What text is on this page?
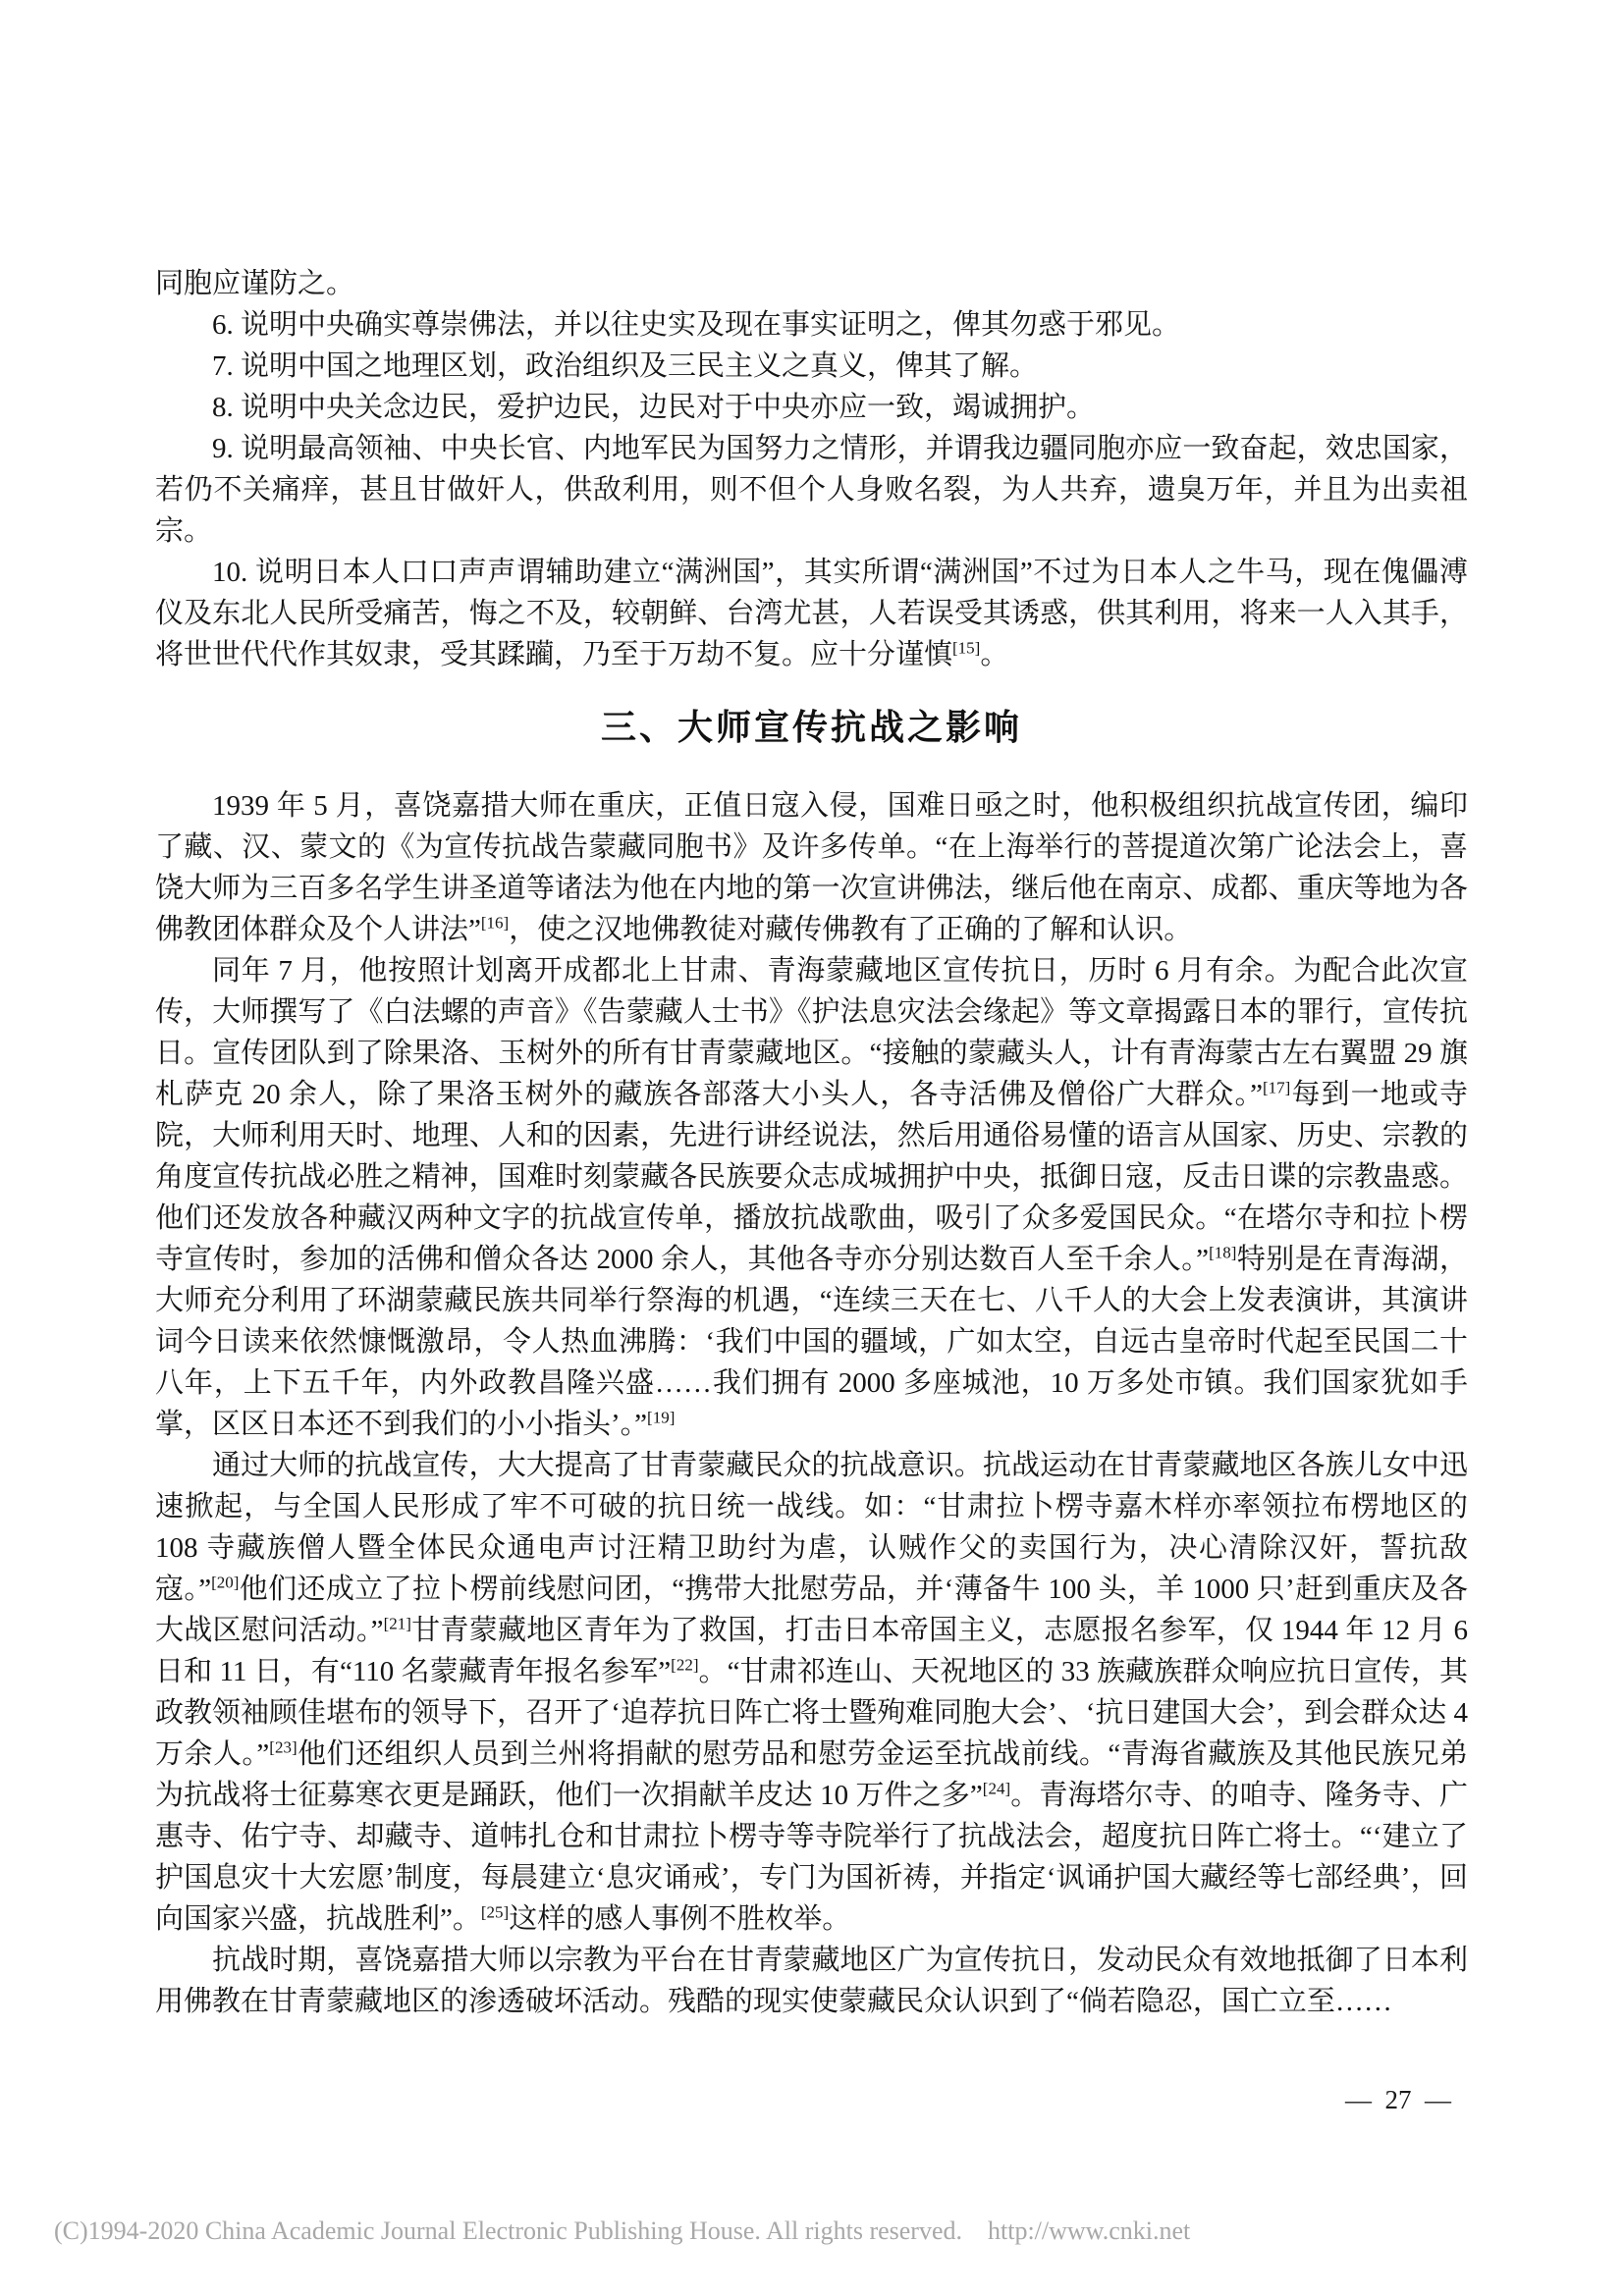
同胞应谨防之。

6. 说明中央确实尊崇佛法，并以往史实及现在事实证明之，俾其勿惑于邪见。

7. 说明中国之地理区划，政治组织及三民主义之真义，俾其了解。

8. 说明中央关念边民，爱护边民，边民对于中央亦应一致，竭诚拥护。

9. 说明最高领袖、中央长官、内地军民为国努力之情形，并谓我边疆同胞亦应一致奋起，效忠国家，若仍不关痛痒，甚且甘做奸人，供敌利用，则不但个人身败名裂，为人共弃，遗臭万年，并且为出卖祖宗。

10. 说明日本人口口声声谓辅助建立“满洲国”，其实所谓“满洲国”不过为日本人之牛马，现在傀儡溥仪及东北人民所受痛苦，悔之不及，较朝鲜、台湾尤甚，人若误受其诱惑，供其利用，将来一人入其手，将世世代代作其奴隶，受其蹂躏，乃至于万劫不复。应十分谨慎[15]。

三、大师宣传抗战之影响

1939 年 5 月，喜饶嘉措大师在重庆，正值日寇入侵，国难日亟之时，他积极组织抗战宣传团，编印了藏、汉、蒙文的《为宣传抗战告蒙藏同胞书》及许多传单。“在上海举行的菩提道次第广论法会上，喜饶大师为三百多名学生讲圣道等诸法为他在内地的第一次宣讲佛法，继后他在南京、成都、重庆等地为各佛教团体群众及个人讲法”[16]，使之汉地佛教徒对藏传佛教有了正确的了解和认识。

同年 7 月，他按照计划离开成都北上甘肃、青海蒙藏地区宣传抗日，历时 6 月有余。为配合此次宣传，大师撰写了《白法螺的声音》《告蒙藏人士书》《护法息灾法会缘起》等文章揭露日本的罪行，宣传抗日。宣传团队到了除果洛、玉树外的所有甘青蒙藏地区。“接触的蒙藏头人，计有青海蒙古左右翼盟 29 旗札萨克 20 余人，除了果洛玉树外的藏族各部落大小头人，各寺活佛及僧俗广大群众。”[17]每到一地或寺院，大师利用天时、地理、人和的因素，先进行讲经说法，然后用通俗易懂的语言从国家、历史、宗教的角度宣传抗战必胜之精神，国难时刻蒙藏各民族要众志成城拥护中央，抵御日寇，反击日谍的宗教蛊惑。他们还发放各种藏汉两种文字的抗战宣传单，播放抗战歌曲，吸引了众多爱国民众。“在塔尔寺和拉卜楞寺宣传时，参加的活佛和僧众各达 2000 余人，其他各寺亦分别达数百人至千余人。”[18]特别是在青海湖，大师充分利用了环湖蒙藏民族共同举行祭海的机遇，“连续三天在七、八千人的大会上发表演讲，其演讲词今日读来依然慷慨激昂，令人热血沸腾：‘我们中国的疆域，广如太空，自远古皇帝时代起至民国二十八年，上下五千年，内外政教昌隆兴盛……我们拥有 2000 多座城池，10 万多处市镇。我们国家犹如手掌，区区日本还不到我们的小小指头’。”[19]

通过大师的抗战宣传，大大提高了甘青蒙藏民众的抗战意识。抗战运动在甘青蒙藏地区各族儿女中迅速掀起，与全国人民形成了牢不可破的抗日统一战线。如：“甘肃拉卜楞寺嘉木样亦率领拉布楞地区的 108 寺藏族僧人暨全体民众通电声讨汪精卫助纣为虐，认贼作父的卖国行为，决心清除汉奸，誓抗敌寇。”[20]他们还成立了拉卜楞前线慰问团，“携带大批慰劳品，并‘薄备牛 100 头，羊 1000 只’赶到重庆及各大战区慰问活动。”[21]甘青蒙藏地区青年为了救国，打击日本帝国主义，志愿报名参军，仅 1944 年 12 月 6 日和 11 日，有“110 名蒙藏青年报名参军”[22]。“甘肃祁连山、天祝地区的 33 族藏族群众响应抗日宣传，其政教领袖顾佳堪布的领导下，召开了‘追荐抗日阵亡将士暨殉难同胞大会’、‘抗日建国大会’，到会群众达 4 万余人。”[23]他们还组织人员到兰州将捐献的慰劳品和慰劳金运至抗战前线。“青海省藏族及其他民族兄弟为抗战将士征募寒衣更是踊跃，他们一次捐献羊皮达 10 万件之多”[24]。青海塔尔寺、的咱寺、隆务寺、广惠寺、佑宁寺、却藏寺、道帏扎仓和甘肃拉卜楞寺等寺院举行了抗战法会，超度抗日阵亡将士。“‘建立了护国息灾十大宏愿’制度，每晨建立‘息灾诵戒’，专门为国祈祷，并指定‘讽诵护国大藏经等七部经典’，回向国家兴盛，抗战胜利”。[25]这样的感人事例不胜枚举。

抗战时期，喜饶嘉措大师以宗教为平台在甘青蒙藏地区广为宣传抗日，发动民众有效地抵御了日本利用佛教在甘青蒙藏地区的渗透破坏活动。残酷的现实使蒙藏民众认识到了“倘若隐忍，国亡立至……

—  27  —
(C)1994-2020 China Academic Journal Electronic Publishing House. All rights reserved.    http://www.cnki.net
